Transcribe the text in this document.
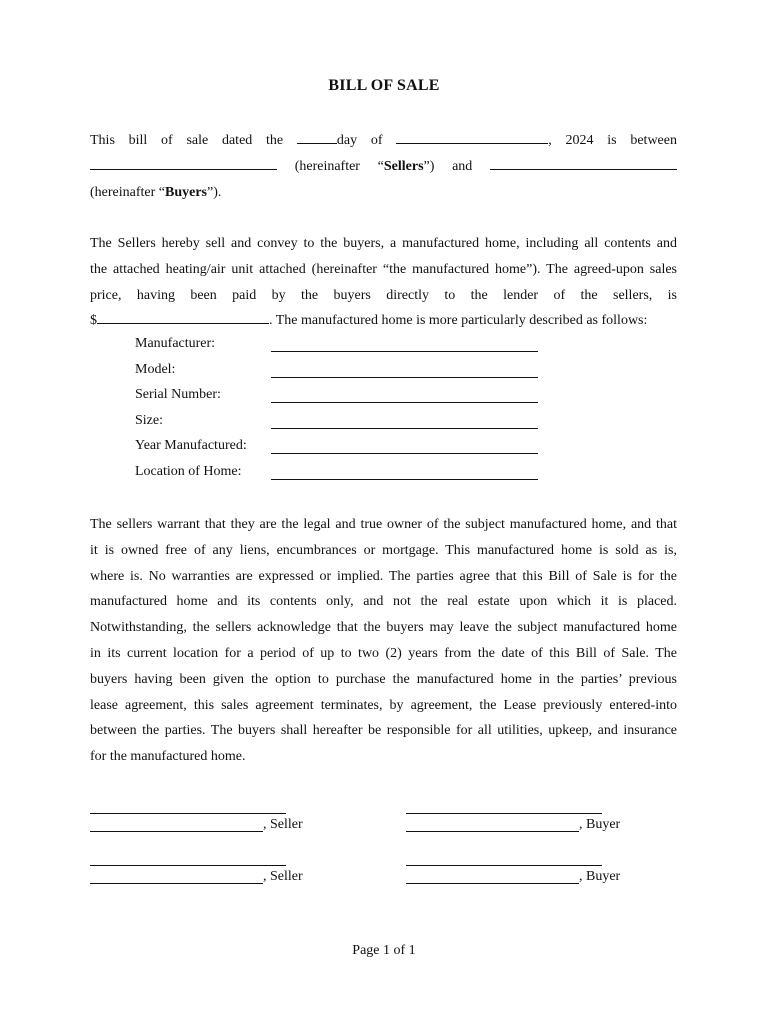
BILL OF SALE
This bill of sale dated the	day of	, 2024 is between
(hereinafter “Sellers”) and
(hereinafter “Buyers”).
The Sellers hereby sell and convey to the buyers, a manufactured home, including all contents and
the attached heating/air unit attached (hereinafter “the manufactured home”). The agreed-upon sales
price, having been paid by the buyers directly to the lender of the sellers, is
$	. The manufactured home is more particularly described as follows:
Manufacturer:
Model:
Serial Number:
Size:
Year Manufactured:
Location of Home:
The sellers warrant that they are the legal and true owner of the subject manufactured home, and that
it is owned free of any liens, encumbrances or mortgage. This manufactured home is sold as is,
where is. No warranties are expressed or implied. The parties agree that this Bill of Sale is for the
manufactured home and its contents only, and not the real estate upon which it is placed.
Notwithstanding, the sellers acknowledge that the buyers may leave the subject manufactured home
in its current location for a period of up to two (2) years from the date of this Bill of Sale. The
buyers having been given the option to purchase the manufactured home in the parties’ previous
lease agreement, this sales agreement terminates, by agreement, the Lease previously entered-into
between the parties. The buyers shall hereafter be responsible for all utilities, upkeep, and insurance
for the manufactured home.
, Seller	, Buyer
, Seller	, Buyer
Page 1 of 1
